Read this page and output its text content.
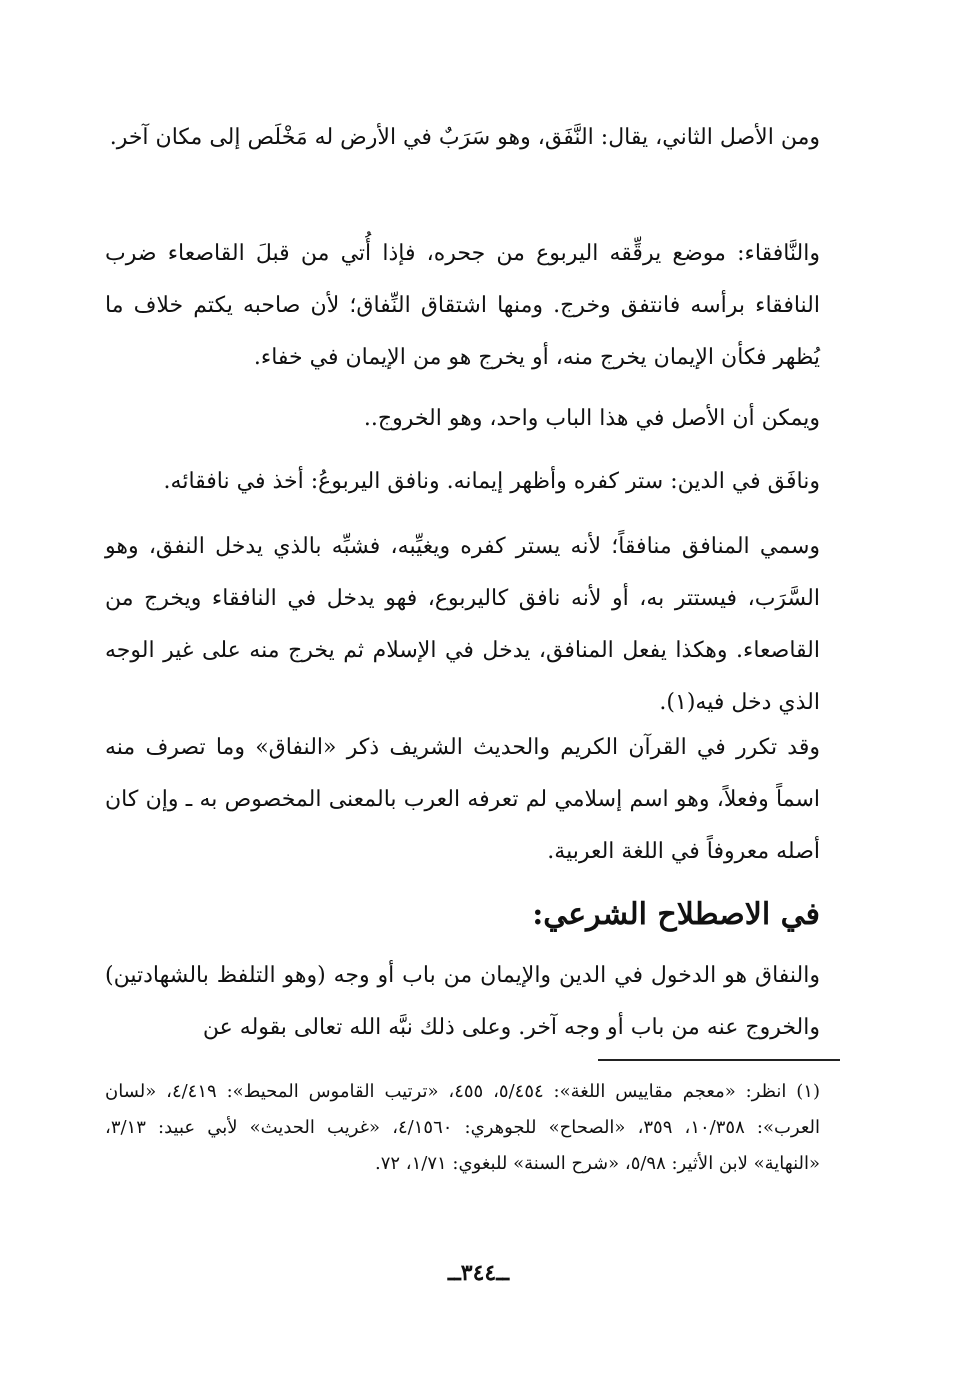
ومن الأصل الثاني، يقال: النَّفَق، وهو سَرَبٌ في الأرض له مَخْلَص إلى مكان آخر.

والنَّافقاء: موضع يرقِّقه اليربوع من جحره، فإذا أُتي من قبلَ القاصعاء ضرب النافقاء برأسه فانتفق وخرج. ومنها اشتقاق النِّفاق؛ لأن صاحبه يكتم خلاف ما يُظهر فكأن الإيمان يخرج منه، أو يخرج هو من الإيمان في خفاء.

ويمكن أن الأصل في هذا الباب واحد، وهو الخروج..

ونافَق في الدين: ستر كفره وأظهر إيمانه. ونافق اليربوعُ: أخذ في نافقائه.

وسمي المنافق منافقاً؛ لأنه يستر كفره ويغيِّبه، فشبِّه بالذي يدخل النفق، وهو السَّرَب، فيستتر به، أو لأنه نافق كاليربوع، فهو يدخل في النافقاء ويخرج من القاصعاء. وهكذا يفعل المنافق، يدخل في الإسلام ثم يخرج منه على غير الوجه الذي دخل فيه(١).

وقد تكرر في القرآن الكريم والحديث الشريف ذكر «النفاق» وما تصرف منه اسماً وفعلاً، وهو اسم إسلامي لم تعرفه العرب بالمعنى المخصوص به ـ وإن كان أصله معروفاً في اللغة العربية.

في الاصطلاح الشرعي:

والنفاق هو الدخول في الدين والإيمان من باب أو وجه (وهو التلفظ بالشهادتين) والخروج عنه من باب أو وجه آخر. وعلى ذلك نبَّه الله تعالى بقوله عن

(١) انظر: «معجم مقاييس اللغة»: ٥/٤٥٤، ٤٥٥، «ترتيب القاموس المحيط»: ٤/٤١٩، «لسان العرب»: ١٠/٣٥٨، ٣٥٩، «الصحاح» للجوهري: ٤/١٥٦٠، «غريب الحديث» لأبي عبيد: ٣/١٣، «النهاية» لابن الأثير: ٥/٩٨، «شرح السنة» للبغوي: ١/٧١، ٧٢.

ــ٣٤٤ــ
